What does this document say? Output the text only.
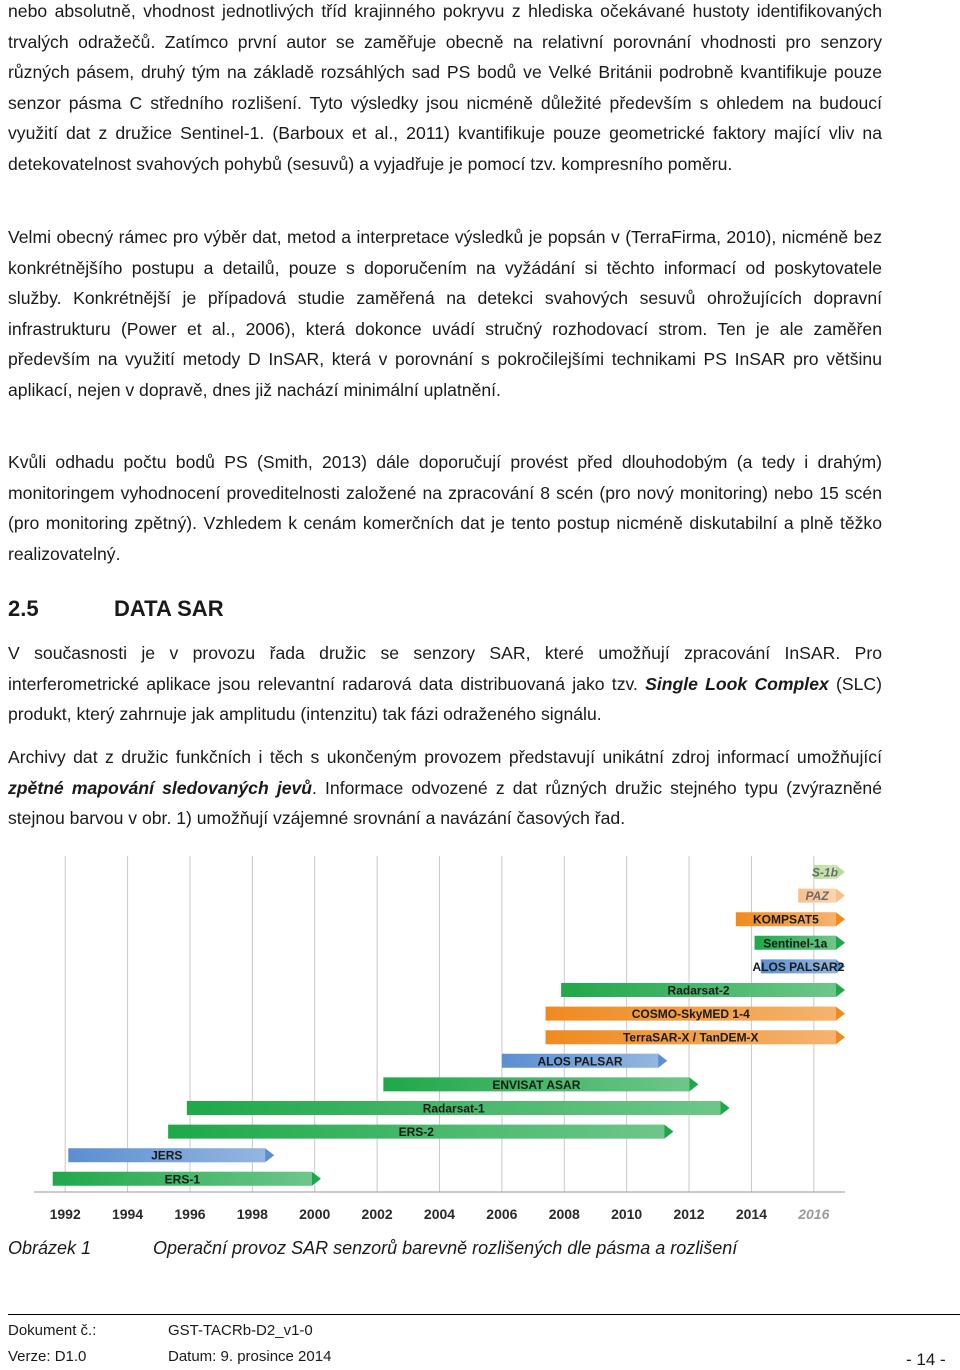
nebo absolutně, vhodnost jednotlivých tříd krajinného pokryvu z hlediska očekávané hustoty identifikovaných trvalých odražečů. Zatímco první autor se zaměřuje obecně na relativní porovnání vhodnosti pro senzory různých pásem, druhý tým na základě rozsáhlých sad PS bodů ve Velké Británii podrobně kvantifikuje pouze senzor pásma C středního rozlišení. Tyto výsledky jsou nicméně důležité především s ohledem na budoucí využití dat z družice Sentinel-1. (Barboux et al., 2011) kvantifikuje pouze geometrické faktory mající vliv na detekovatelnost svahových pohybů (sesuvů) a vyjadřuje je pomocí tzv. kompresního poměru.

Velmi obecný rámec pro výběr dat, metod a interpretace výsledků je popsán v (TerraFirma, 2010), nicméně bez konkrétnějšího postupu a detailů, pouze s doporučením na vyžádání si těchto informací od poskytovatele služby. Konkrétnější je případová studie zaměřená na detekci svahových sesuvů ohrožujících dopravní infrastrukturu (Power et al., 2006), která dokonce uvádí stručný rozhodovací strom. Ten je ale zaměřen především na využití metody D InSAR, která v porovnání s pokročilejšími technikami PS InSAR pro většinu aplikací, nejen v dopravě, dnes již nachází minimální uplatnění.

Kvůli odhadu počtu bodů PS (Smith, 2013) dále doporučují provést před dlouhodobým (a tedy i drahým) monitoringem vyhodnocení proveditelnosti založené na zpracování 8 scén (pro nový monitoring) nebo 15 scén (pro monitoring zpětný). Vzhledem k cenám komerčních dat je tento postup nicméně diskutabilní a plně těžko realizovatelný.

2.5	DATA SAR

V současnosti je v provozu řada družic se senzory SAR, které umožňují zpracování InSAR. Pro interferometrické aplikace jsou relevantní radarová data distribuovaná jako tzv. Single Look Complex (SLC) produkt, který zahrnuje jak amplitudu (intenzitu) tak fázi odraženého signálu.

Archivy dat z družic funkčních i těch s ukončeným provozem představují unikátní zdroj informací umožňující zpětné mapování sledovaných jevů. Informace odvozené z dat různých družic stejného typu (zvýrazněné stejnou barvou v obr. 1) umožňují vzájemné srovnání a navázání časových řad.

S-1b
PAZ
KOMPSAT5
Sentinel-1a
ALOS PALSAR2
Radarsat-2
COSMO-SkyMED 1-4
TerraSAR-X / TanDEM-X
ALOS PALSAR
ENVISAT ASAR
Radarsat-1
ERS-2
JERS
ERS-1
1992 1994 1996 1998 2000 2002 2004 2006 2008 2010 2012 2014 2016
Obrázek 1	Operační provoz SAR senzorů barevně rozlišených dle pásma a rozlišení
Dokument č.:	GST-TACRb-D2_v1-0
Verze: D1.0	Datum: 9. prosince 2014	- 14 -
